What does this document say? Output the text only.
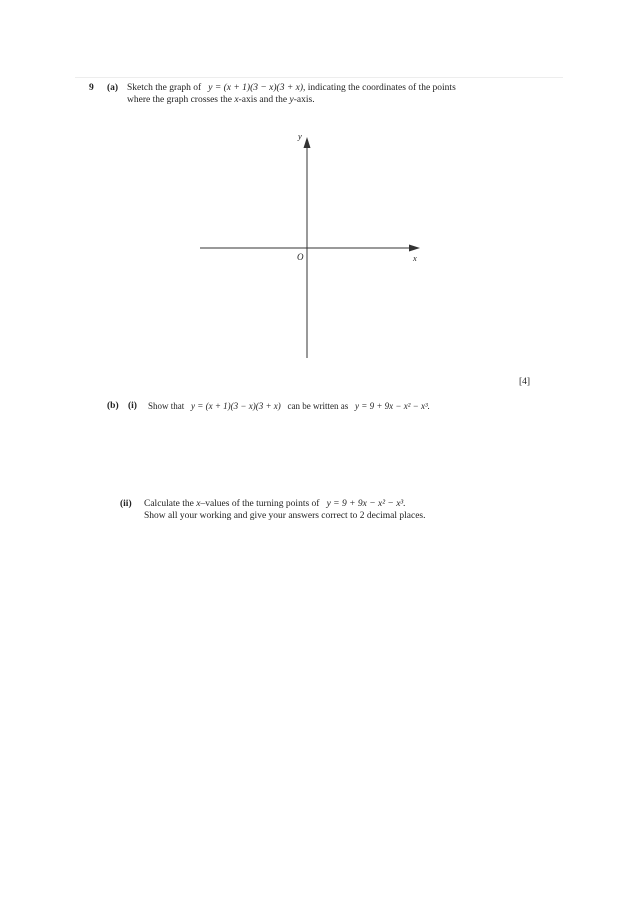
9 (a) Sketch the graph of y = (x + 1)(3 − x)(3 + x), indicating the coordinates of the points
where the graph crosses the x-axis and the y-axis.
y
x
O
[4]
(b) (i) Show that y = (x + 1)(3 − x)(3 + x) can be written as y = 9 + 9x − x² − x³.
(ii) Calculate the x–values of the turning points of y = 9 + 9x − x² − x³.
Show all your working and give your answers correct to 2 decimal places.
